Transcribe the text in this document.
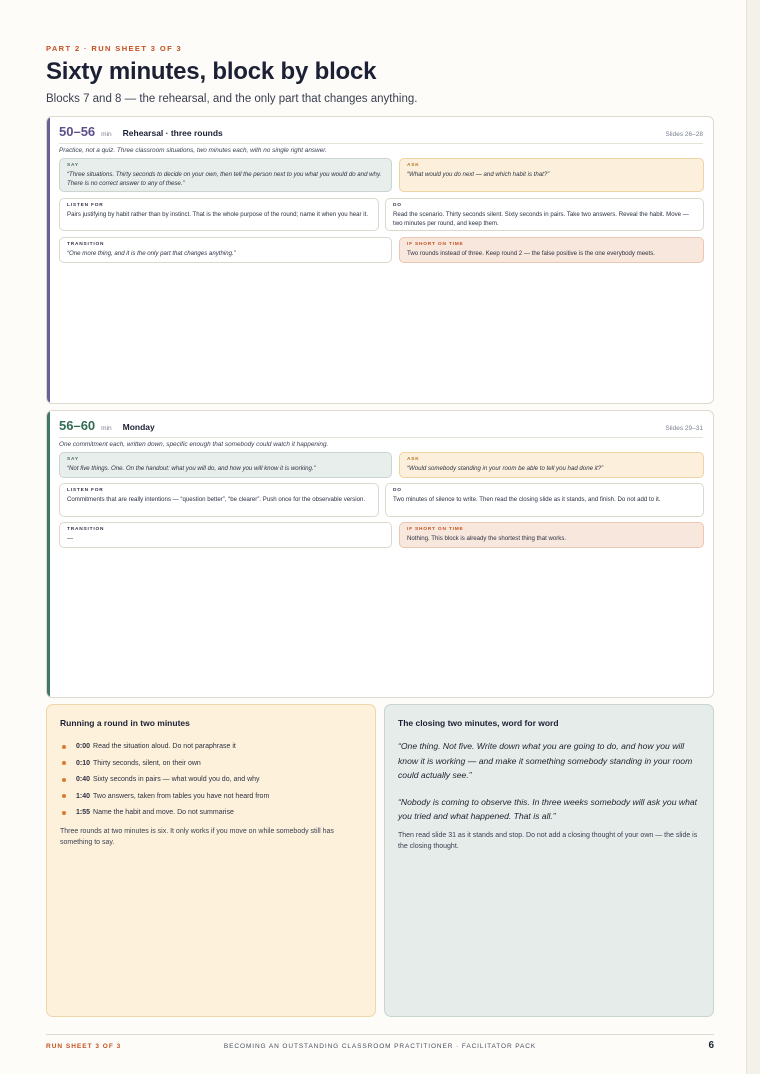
PART 2 · RUN SHEET 3 OF 3
Sixty minutes, block by block
Blocks 7 and 8 — the rehearsal, and the only part that changes anything.
50–56 min Rehearsal · three rounds	Slides 26–28
Practice, not a quiz. Three classroom situations, two minutes each, with no single right answer.
SAY
“Three situations. Thirty seconds to decide on your own, then tell the person next to you what you would do and why. There is no correct answer to any of these.”
ASK
“What would you do next — and which habit is that?”
LISTEN FOR
Pairs justifying by habit rather than by instinct. That is the whole purpose of the round; name it when you hear it.
DO
Read the scenario. Thirty seconds silent. Sixty seconds in pairs. Take two answers. Reveal the habit. Move — two minutes per round, and keep them.
TRANSITION
“One more thing, and it is the only part that changes anything.”
IF SHORT ON TIME
Two rounds instead of three. Keep round 2 — the false positive is the one everybody meets.
56–60 min Monday	Slides 29–31
One commitment each, written down, specific enough that somebody could watch it happening.
SAY
“Not five things. One. On the handout: what you will do, and how you will know it is working.”
ASK
“Would somebody standing in your room be able to tell you had done it?”
LISTEN FOR
Commitments that are really intentions — “question better”, “be clearer”. Push once for the observable version.
DO
Two minutes of silence to write. Then read the closing slide as it stands, and finish. Do not add to it.
TRANSITION
—
IF SHORT ON TIME
Nothing. This block is already the shortest thing that works.
Running a round in two minutes
0:00 Read the situation aloud. Do not paraphrase it
0:10 Thirty seconds, silent, on their own
0:40 Sixty seconds in pairs — what would you do, and why
1:40 Two answers, taken from tables you have not heard from
1:55 Name the habit and move. Do not summarise
Three rounds at two minutes is six. It only works if you move on while somebody still has something to say.
The closing two minutes, word for word
“One thing. Not five. Write down what you are going to do, and how you will know it is working — and make it something somebody standing in your room could actually see.”
“Nobody is coming to observe this. In three weeks somebody will ask you what you tried and what happened. That is all.”
Then read slide 31 as it stands and stop. Do not add a closing thought of your own — the slide is the closing thought.
RUN SHEET 3 OF 3	BECOMING AN OUTSTANDING CLASSROOM PRACTITIONER · FACILITATOR PACK	6
